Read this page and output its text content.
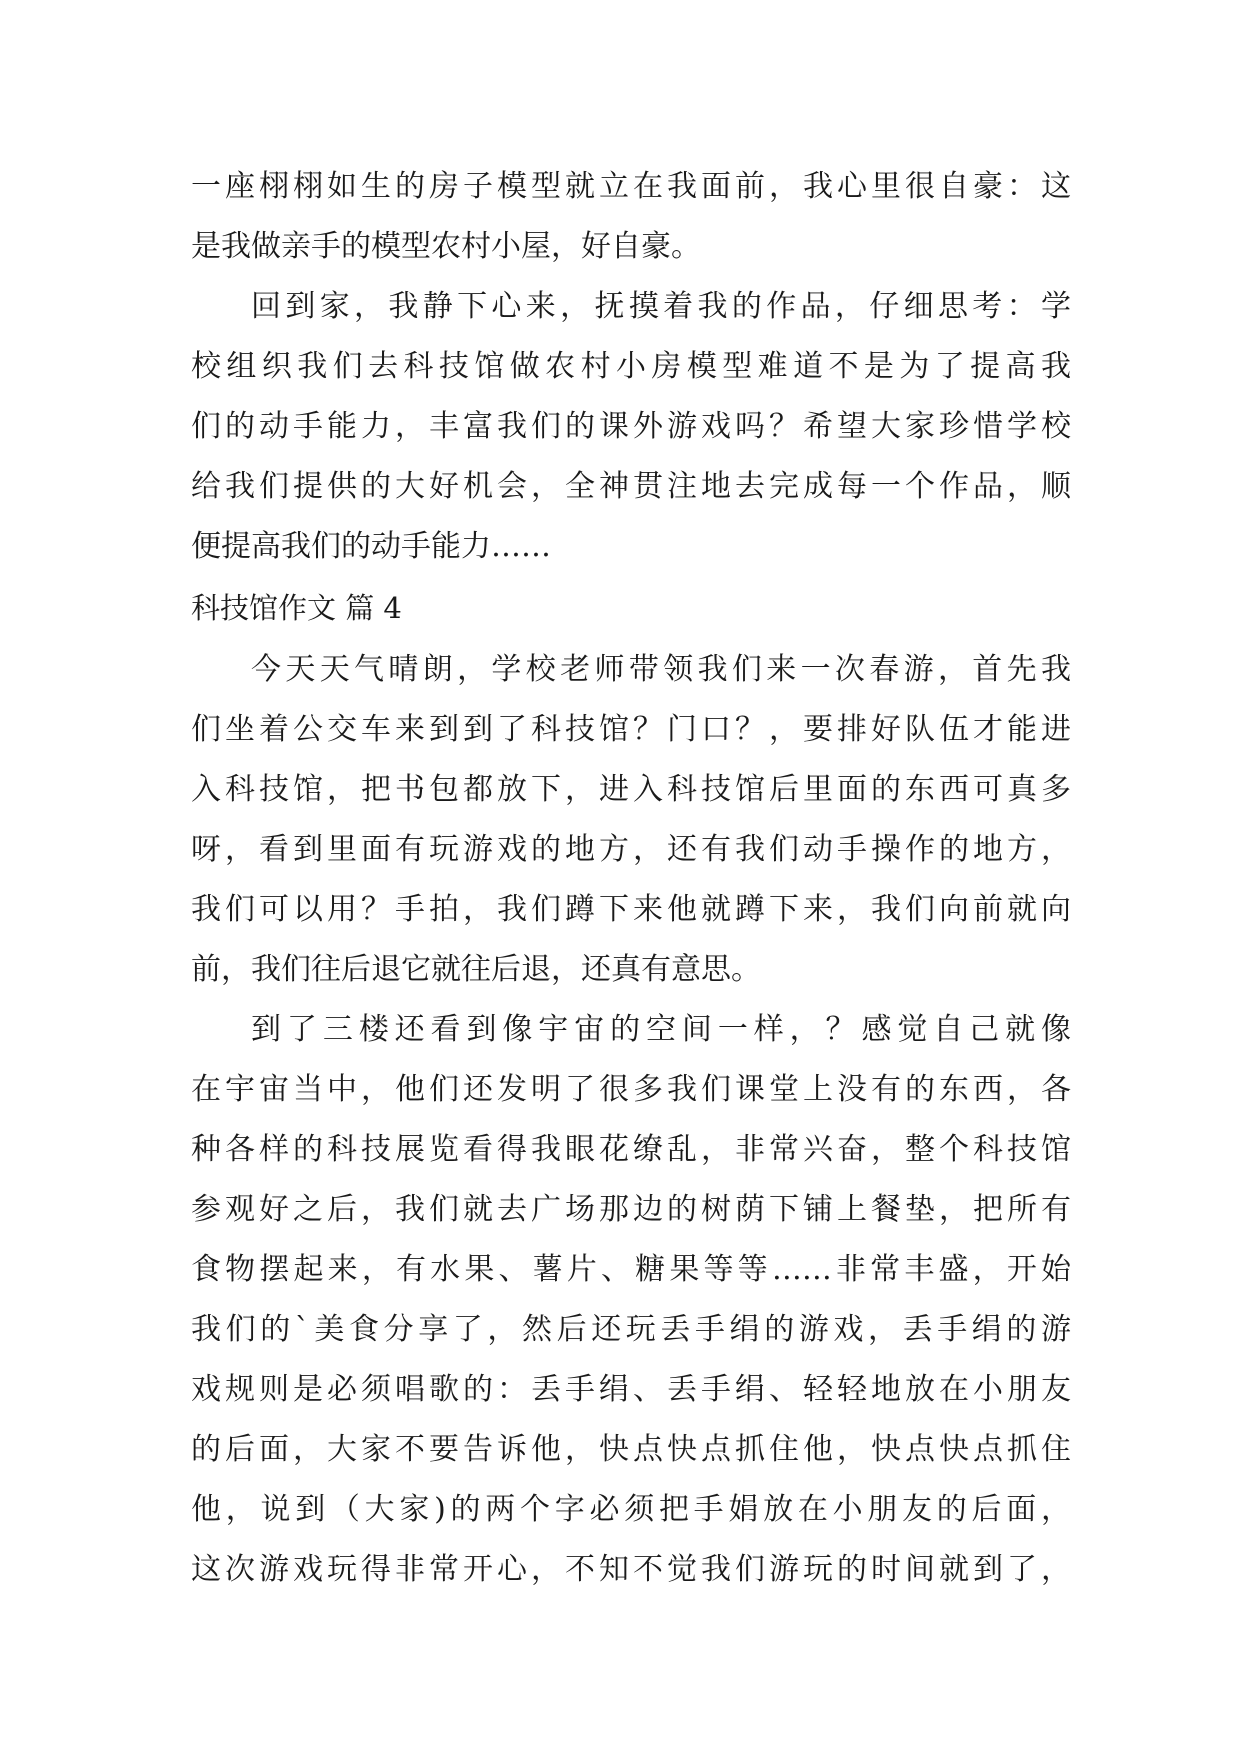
一座栩栩如生的房子模型就立在我面前，我心里很自豪：这
是我做亲手的模型农村小屋，好自豪。
回到家，我静下心来，抚摸着我的作品，仔细思考：学
校组织我们去科技馆做农村小房模型难道不是为了提高我
们的动手能力，丰富我们的课外游戏吗？希望大家珍惜学校
给我们提供的大好机会，全神贯注地去完成每一个作品，顺
便提高我们的动手能力……
科技馆作文 篇 4
今天天气晴朗，学校老师带领我们来一次春游，首先我
们坐着公交车来到到了科技馆？门口？，要排好队伍才能进
入科技馆，把书包都放下，进入科技馆后里面的东西可真多
呀，看到里面有玩游戏的地方，还有我们动手操作的地方，
我们可以用？手拍，我们蹲下来他就蹲下来，我们向前就向
前，我们往后退它就往后退，还真有意思。
到了三楼还看到像宇宙的空间一样，？感觉自己就像
在宇宙当中，他们还发明了很多我们课堂上没有的东西，各
种各样的科技展览看得我眼花缭乱，非常兴奋，整个科技馆
参观好之后，我们就去广场那边的树荫下铺上餐垫，把所有
食物摆起来，有水果、薯片、糖果等等……非常丰盛，开始
我们的`美食分享了，然后还玩丢手绢的游戏，丢手绢的游
戏规则是必须唱歌的：丢手绢、丢手绢、轻轻地放在小朋友
的后面，大家不要告诉他，快点快点抓住他，快点快点抓住
他，说到（大家)的两个字必须把手娟放在小朋友的后面，
这次游戏玩得非常开心，不知不觉我们游玩的时间就到了，
